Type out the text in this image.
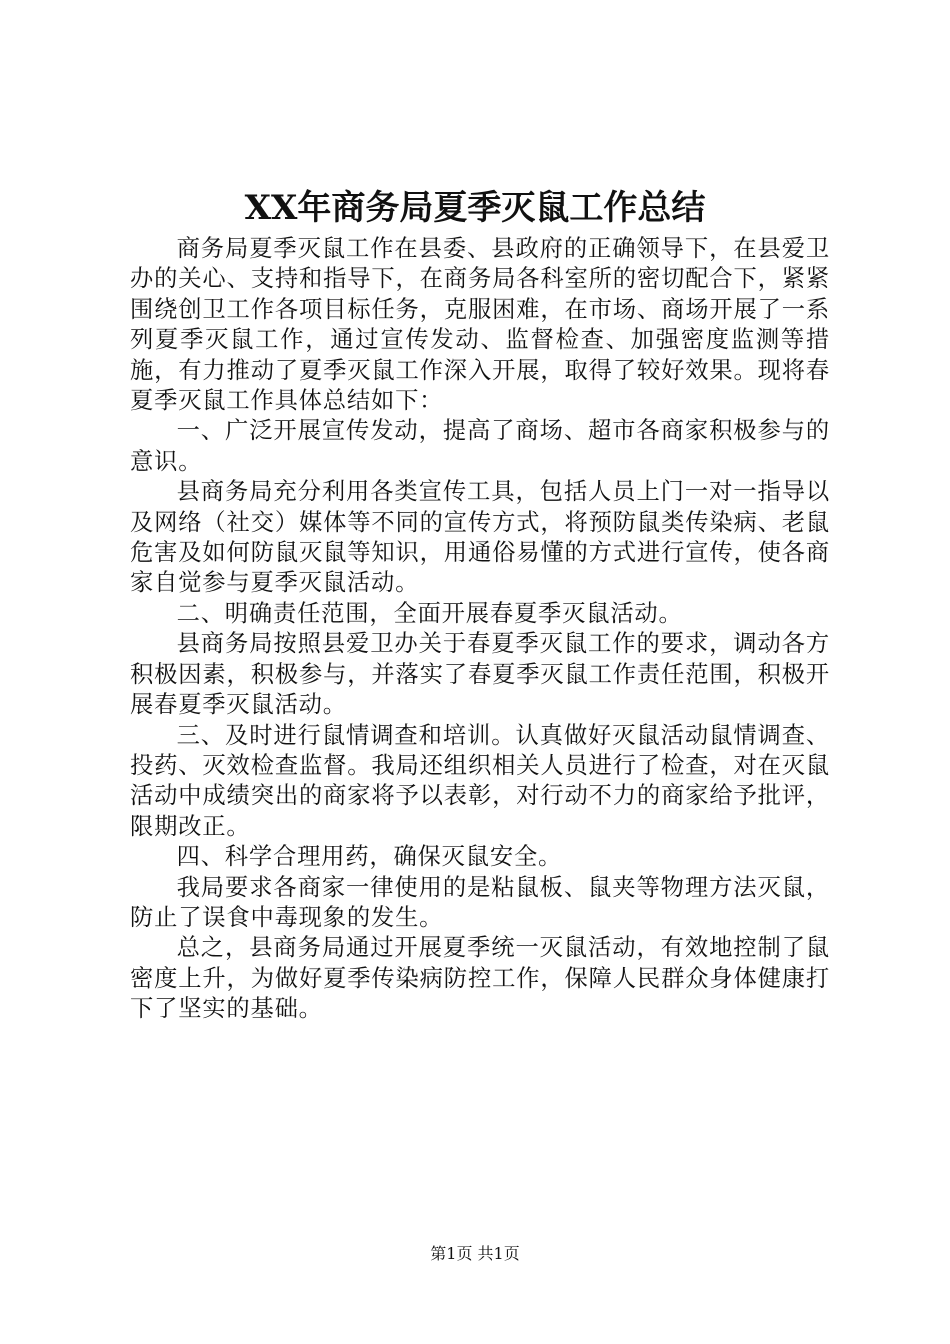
XX年商务局夏季灭鼠工作总结

商务局夏季灭鼠工作在县委、县政府的正确领导下，在县爱卫办的关心、支持和指导下，在商务局各科室所的密切配合下，紧紧围绕创卫工作各项目标任务，克服困难，在市场、商场开展了一系列夏季灭鼠工作，通过宣传发动、监督检查、加强密度监测等措施，有力推动了夏季灭鼠工作深入开展，取得了较好效果。现将春夏季灭鼠工作具体总结如下：

一、广泛开展宣传发动，提高了商场、超市各商家积极参与的意识。

县商务局充分利用各类宣传工具，包括人员上门一对一指导以及网络（社交）媒体等不同的宣传方式，将预防鼠类传染病、老鼠危害及如何防鼠灭鼠等知识，用通俗易懂的方式进行宣传，使各商家自觉参与夏季灭鼠活动。

二、明确责任范围，全面开展春夏季灭鼠活动。

县商务局按照县爱卫办关于春夏季灭鼠工作的要求，调动各方积极因素，积极参与，并落实了春夏季灭鼠工作责任范围，积极开展春夏季灭鼠活动。

三、及时进行鼠情调查和培训。认真做好灭鼠活动鼠情调查、投药、灭效检查监督。我局还组织相关人员进行了检查，对在灭鼠活动中成绩突出的商家将予以表彰，对行动不力的商家给予批评，限期改正。

四、科学合理用药，确保灭鼠安全。

我局要求各商家一律使用的是粘鼠板、鼠夹等物理方法灭鼠，防止了误食中毒现象的发生。

总之，县商务局通过开展夏季统一灭鼠活动，有效地控制了鼠密度上升，为做好夏季传染病防控工作，保障人民群众身体健康打下了坚实的基础。

第1页 共1页
